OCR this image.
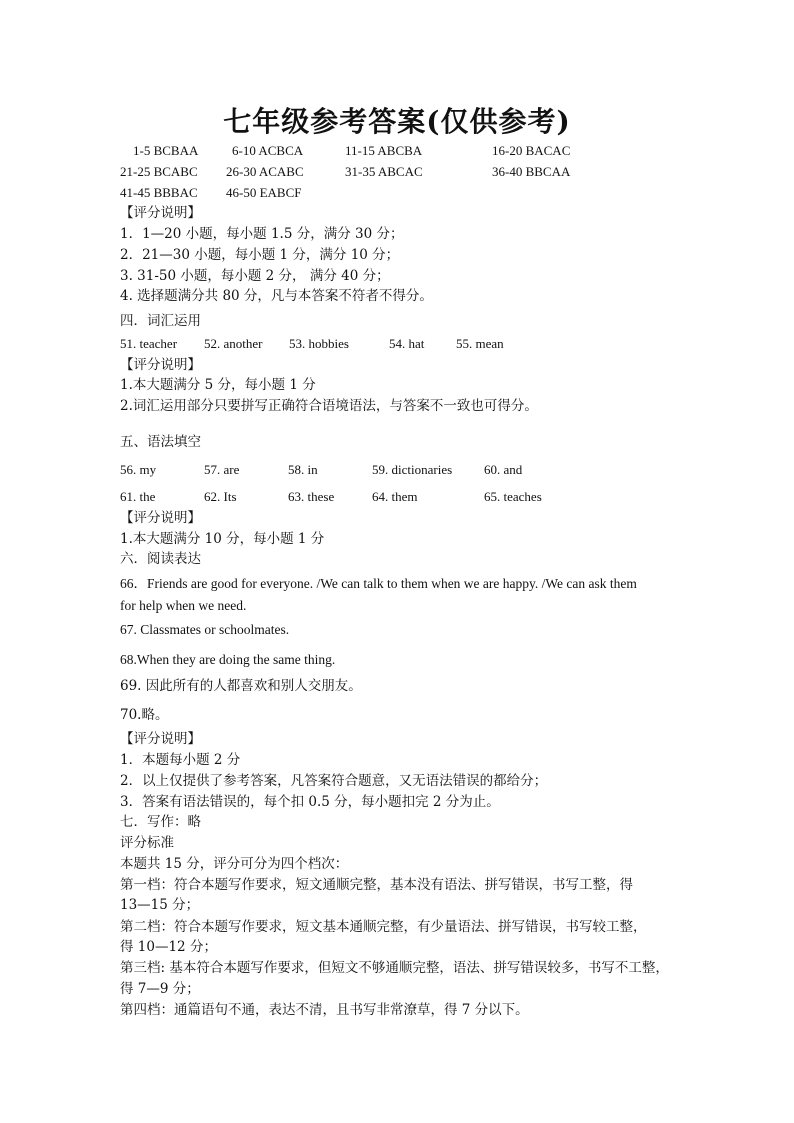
七年级参考答案(仅供参考)
1-5 BCBAA	6-10 ACBCA	11-15 ABCBA	16-20 BACAC
21-25 BCABC 26-30 ACABC	31-35 ABCAC	36-40 BBCAA
41-45 BBBAC 46-50 EABCF
【评分说明】
1．1—20 小题，每小题 1.5 分，满分 30 分；
2．21—30 小题，每小题 1 分，满分 10 分；
3. 31-50 小题，每小题 2 分， 满分 40 分；
4. 选择题满分共 80 分，凡与本答案不符者不得分。
四．词汇运用
51. teacher 52. another 53. hobbies	54. hat 55. mean
【评分说明】
1.本大题满分 5 分，每小题 1 分
2.词汇运用部分只要拼写正确符合语境语法，与答案不一致也可得分。
五、语法填空
56. my	57. are	58. in	59. dictionaries 60. and
61. the	62. Its	63. these	64. them	65. teaches
【评分说明】
1.本大题满分 10 分，每小题 1 分
六．阅读表达
66．Friends are good for everyone. /We can talk to them when we are happy. /We can ask them
for help when we need.
67. Classmates or schoolmates.
68.When they are doing the same thing.
69. 因此所有的人都喜欢和别人交朋友。
70.略。
【评分说明】
1．本题每小题 2 分
2．以上仅提供了参考答案，凡答案符合题意，又无语法错误的都给分；
3．答案有语法错误的，每个扣 0.5 分，每小题扣完 2 分为止。
七．写作：略
评分标准
本题共 15 分，评分可分为四个档次：
第一档：符合本题写作要求，短文通顺完整，基本没有语法、拼写错误，书写工整，得
13—15 分；
第二档：符合本题写作要求，短文基本通顺完整，有少量语法、拼写错误，书写较工整，
得 10—12 分；
第三档: 基本符合本题写作要求，但短文不够通顺完整，语法、拼写错误较多，书写不工整，
得 7—9 分；
第四档：通篇语句不通，表达不清，且书写非常潦草，得 7 分以下。
